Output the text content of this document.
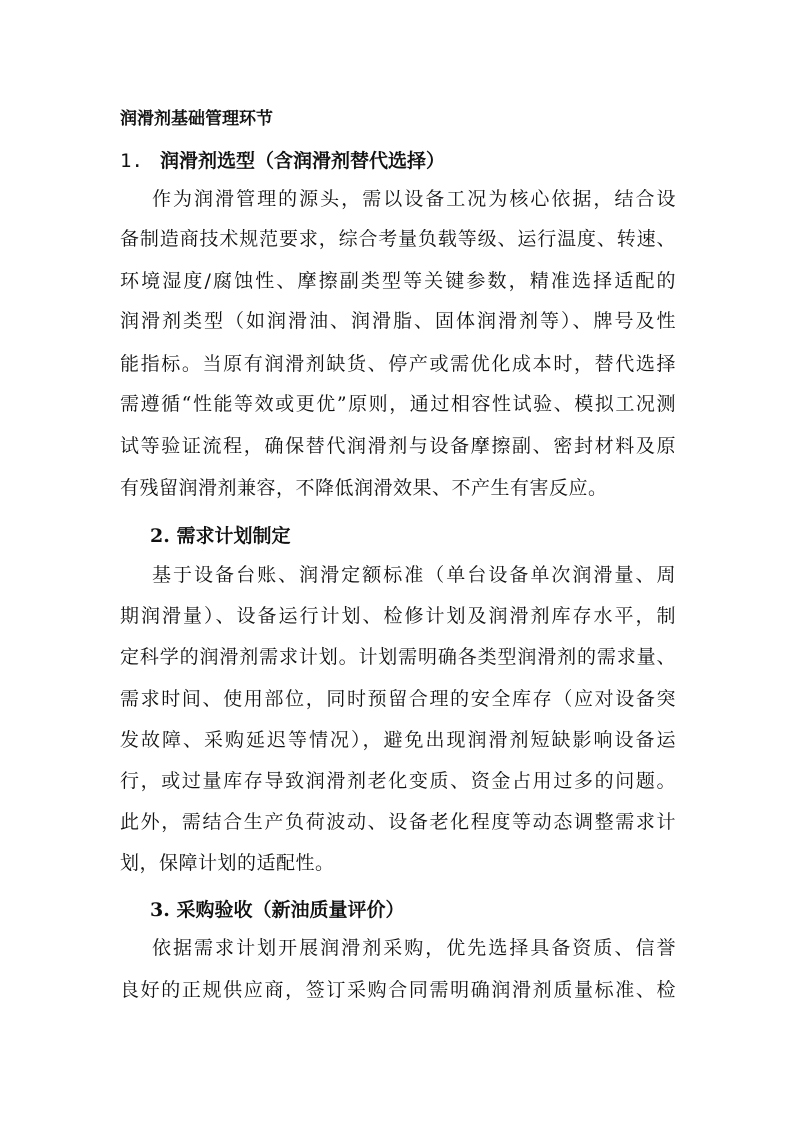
润滑剂基础管理环节
1. 润滑剂选型（含润滑剂替代选择）
作为润滑管理的源头，需以设备工况为核心依据，结合设
备制造商技术规范要求，综合考量负载等级、运行温度、转速、
环境湿度/腐蚀性、摩擦副类型等关键参数，精准选择适配的
润滑剂类型（如润滑油、润滑脂、固体润滑剂等）、牌号及性
能指标。当原有润滑剂缺货、停产或需优化成本时，替代选择
需遵循“性能等效或更优”原则，通过相容性试验、模拟工况测
试等验证流程，确保替代润滑剂与设备摩擦副、密封材料及原
有残留润滑剂兼容，不降低润滑效果、不产生有害反应。
2. 需求计划制定
基于设备台账、润滑定额标准（单台设备单次润滑量、周
期润滑量）、设备运行计划、检修计划及润滑剂库存水平，制
定科学的润滑剂需求计划。计划需明确各类型润滑剂的需求量、
需求时间、使用部位，同时预留合理的安全库存（应对设备突
发故障、采购延迟等情况），避免出现润滑剂短缺影响设备运
行，或过量库存导致润滑剂老化变质、资金占用过多的问题。
此外，需结合生产负荷波动、设备老化程度等动态调整需求计
划，保障计划的适配性。
3. 采购验收（新油质量评价）
依据需求计划开展润滑剂采购，优先选择具备资质、信誉
良好的正规供应商，签订采购合同需明确润滑剂质量标准、检
